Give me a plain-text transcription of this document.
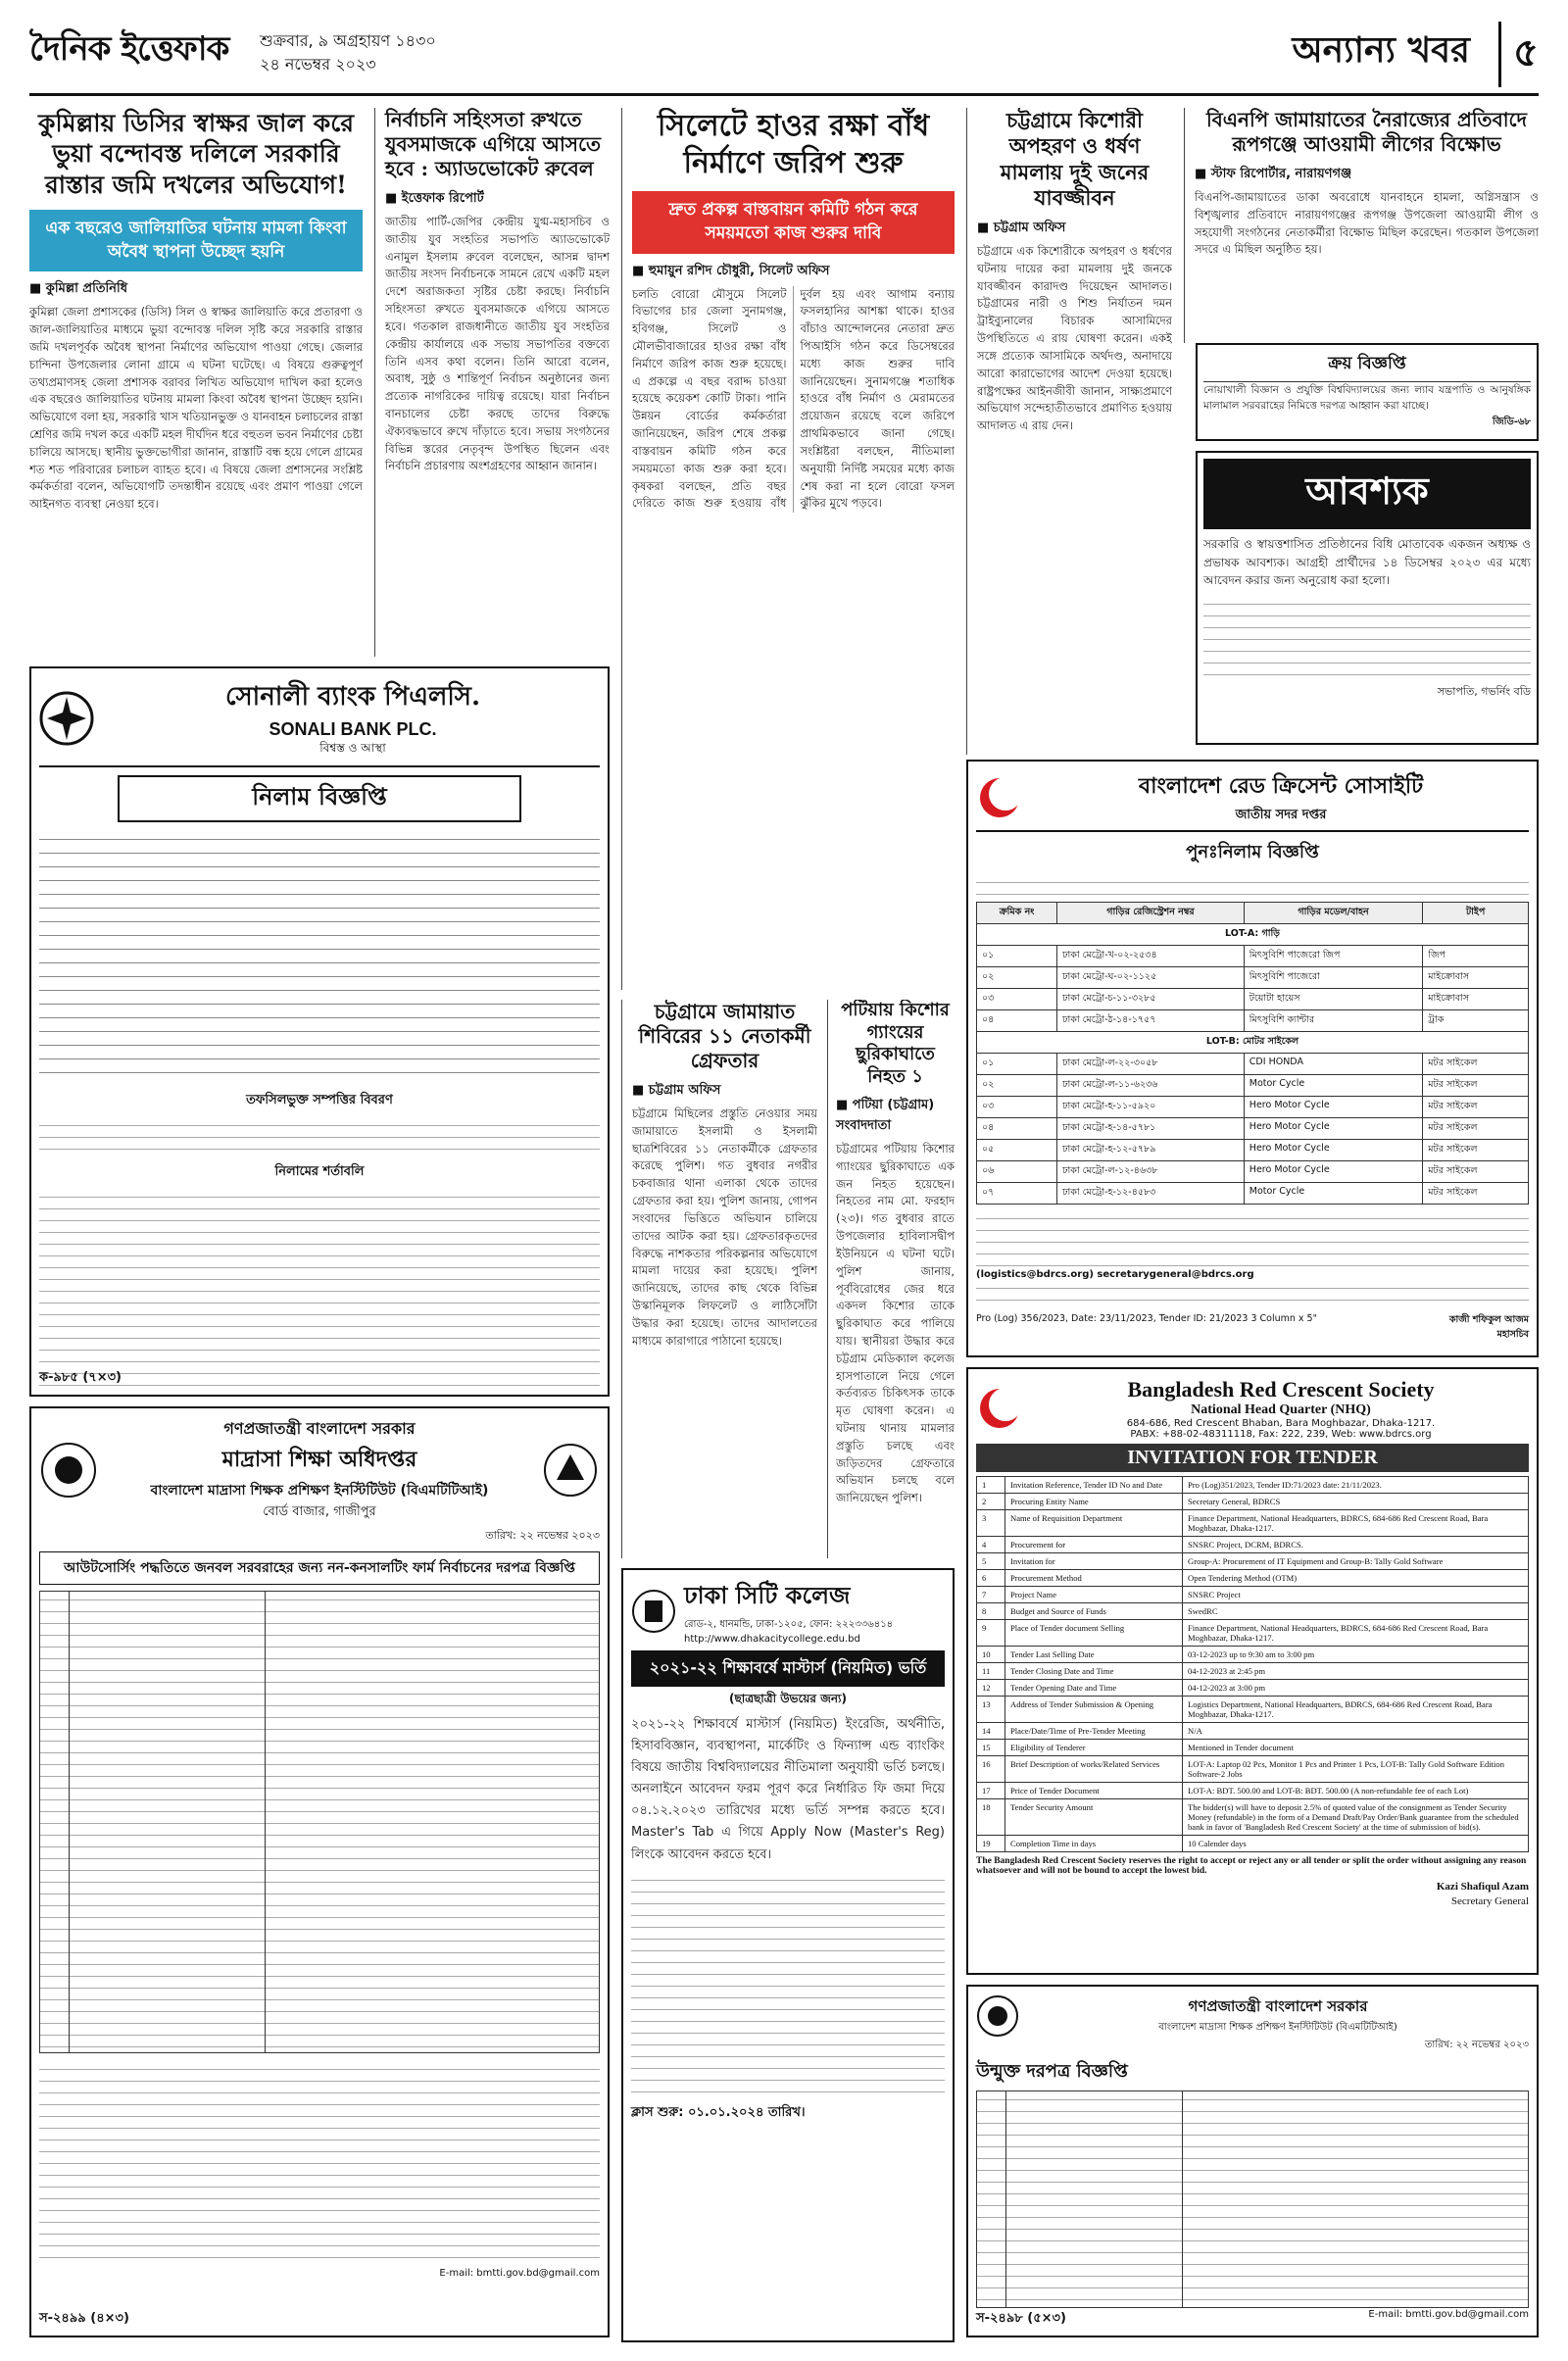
দৈনিক ইত্তেফাক শুক্রবার, ৯ অগ্রহায়ণ ১৪৩০
২৪ নভেম্বর ২০২৩	অন্যান্য খবর	৫
কুমিল্লায় ডিসির স্বাক্ষর জাল করে ভুয়া বন্দোবস্ত দলিলে সরকারি রাস্তার জমি দখলের অভিযোগ!
এক বছরেও জালিয়াতির ঘটনায় মামলা কিংবা অবৈধ স্থাপনা উচ্ছেদ হয়নি
■ কুমিল্লা প্রতিনিধি
কুমিল্লা জেলা প্রশাসকের (ডিসি) সিল ও স্বাক্ষর জালিয়াতি করে প্রতারণা ও জাল-জালিয়াতির মাধ্যমে ভুয়া বন্দোবস্ত দলিল সৃষ্টি করে সরকারি রাস্তার জমি দখলপূর্বক অবৈধ স্থাপনা নির্মাণের অভিযোগ পাওয়া গেছে। জেলার চান্দিনা উপজেলার লোনা গ্রামে এ ঘটনা ঘটেছে। এ বিষয়ে গুরুত্বপূর্ণ তথ্যপ্রমাণসহ জেলা প্রশাসক বরাবর লিখিত অভিযোগ দাখিল করা হলেও এক বছরেও জালিয়াতির ঘটনায় মামলা কিংবা অবৈধ স্থাপনা উচ্ছেদ হয়নি। অভিযোগে বলা হয়, সরকারি খাস খতিয়ানভুক্ত ও যানবাহন চলাচলের রাস্তা শ্রেণির জমি দখল করে একটি মহল দীর্ঘদিন ধরে বহুতল ভবন নির্মাণের চেষ্টা চালিয়ে আসছে। স্থানীয় ভুক্তভোগীরা জানান, রাস্তাটি বন্ধ হয়ে গেলে গ্রামের শত শত পরিবারের চলাচল ব্যাহত হবে। এ বিষয়ে জেলা প্রশাসনের সংশ্লিষ্ট কর্মকর্তারা বলেন, অভিযোগটি তদন্তাধীন রয়েছে এবং প্রমাণ পাওয়া গেলে আইনগত ব্যবস্থা নেওয়া হবে।
নির্বাচনি সহিংসতা রুখতে যুবসমাজকে এগিয়ে আসতে হবে : অ্যাডভোকেট রুবেল
■ ইত্তেফাক রিপোর্ট
জাতীয় পার্টি-জেপির কেন্দ্রীয় যুগ্ম-মহাসচিব ও জাতীয় যুব সংহতির সভাপতি অ্যাডভোকেট এনামুল ইসলাম রুবেল বলেছেন, আসন্ন দ্বাদশ জাতীয় সংসদ নির্বাচনকে সামনে রেখে একটি মহল দেশে অরাজকতা সৃষ্টির চেষ্টা করছে। নির্বাচনি সহিংসতা রুখতে যুবসমাজকে এগিয়ে আসতে হবে। গতকাল রাজধানীতে জাতীয় যুব সংহতির কেন্দ্রীয় কার্যালয়ে এক সভায় সভাপতির বক্তব্যে তিনি এসব কথা বলেন। তিনি আরো বলেন, অবাধ, সুষ্ঠু ও শান্তিপূর্ণ নির্বাচন অনুষ্ঠানের জন্য প্রত্যেক নাগরিকের দায়িত্ব রয়েছে। যারা নির্বাচন বানচালের চেষ্টা করছে তাদের বিরুদ্ধে ঐক্যবদ্ধভাবে রুখে দাঁড়াতে হবে। সভায় সংগঠনের বিভিন্ন স্তরের নেতৃবৃন্দ উপস্থিত ছিলেন এবং নির্বাচনি প্রচারণায় অংশগ্রহণের আহ্বান জানান।
সিলেটে হাওর রক্ষা বাঁধ নির্মাণে জরিপ শুরু
দ্রুত প্রকল্প বাস্তবায়ন কমিটি গঠন করে সময়মতো কাজ শুরুর দাবি
■ হুমায়ুন রশিদ চৌধুরী, সিলেট অফিস
চলতি বোরো মৌসুমে সিলেট বিভাগের চার জেলা সুনামগঞ্জ, হবিগঞ্জ, সিলেট ও মৌলভীবাজারের হাওর রক্ষা বাঁধ নির্মাণে জরিপ কাজ শুরু হয়েছে। এ প্রকল্পে এ বছর বরাদ্দ চাওয়া হয়েছে কয়েকশ কোটি টাকা। পানি উন্নয়ন বোর্ডের কর্মকর্তারা জানিয়েছেন, জরিপ শেষে প্রকল্প বাস্তবায়ন কমিটি গঠন করে সময়মতো কাজ শুরু করা হবে। কৃষকরা বলছেন, প্রতি বছর দেরিতে কাজ শুরু হওয়ায় বাঁধ দুর্বল হয় এবং আগাম বন্যায় ফসলহানির আশঙ্কা থাকে। হাওর বাঁচাও আন্দোলনের নেতারা দ্রুত পিআইসি গঠন করে ডিসেম্বরের মধ্যে কাজ শুরুর দাবি জানিয়েছেন। সুনামগঞ্জে শতাধিক হাওরে বাঁধ নির্মাণ ও মেরামতের প্রয়োজন রয়েছে বলে জরিপে প্রাথমিকভাবে জানা গেছে। সংশ্লিষ্টরা বলছেন, নীতিমালা অনুযায়ী নির্দিষ্ট সময়ের মধ্যে কাজ শেষ করা না হলে বোরো ফসল ঝুঁকির মুখে পড়বে।
চট্টগ্রামে কিশোরী অপহরণ ও ধর্ষণ মামলায় দুই জনের যাবজ্জীবন
■ চট্টগ্রাম অফিস
চট্টগ্রামে এক কিশোরীকে অপহরণ ও ধর্ষণের ঘটনায় দায়ের করা মামলায় দুই জনকে যাবজ্জীবন কারাদণ্ড দিয়েছেন আদালত। চট্টগ্রামের নারী ও শিশু নির্যাতন দমন ট্রাইব্যুনালের বিচারক আসামিদের উপস্থিতিতে এ রায় ঘোষণা করেন। একই সঙ্গে প্রত্যেক আসামিকে অর্থদণ্ড, অনাদায়ে আরো কারাভোগের আদেশ দেওয়া হয়েছে। রাষ্ট্রপক্ষের আইনজীবী জানান, সাক্ষ্যপ্রমাণে অভিযোগ সন্দেহাতীতভাবে প্রমাণিত হওয়ায় আদালত এ রায় দেন।
বিএনপি জামায়াতের নৈরাজ্যের প্রতিবাদে রূপগঞ্জে আওয়ামী লীগের বিক্ষোভ
■ স্টাফ রিপোর্টার, নারায়ণগঞ্জ
বিএনপি-জামায়াতের ডাকা অবরোধে যানবাহনে হামলা, অগ্নিসন্ত্রাস ও বিশৃঙ্খলার প্রতিবাদে নারায়ণগঞ্জের রূপগঞ্জ উপজেলা আওয়ামী লীগ ও সহযোগী সংগঠনের নেতাকর্মীরা বিক্ষোভ মিছিল করেছেন। গতকাল উপজেলা সদরে এ মিছিল অনুষ্ঠিত হয়।
ক্রয় বিজ্ঞপ্তি
নোয়াখালী বিজ্ঞান ও প্রযুক্তি বিশ্ববিদ্যালয়ের জন্য ল্যাব যন্ত্রপাতি ও আনুষঙ্গিক মালামাল সরবরাহের নিমিত্তে দরপত্র আহ্বান করা যাচ্ছে।
জিডি-৬৮
আবশ্যক
সরকারি ও স্বায়ত্তশাসিত প্রতিষ্ঠানের বিধি মোতাবেক একজন অধ্যক্ষ ও প্রভাষক আবশ্যক। আগ্রহী প্রার্থীদের ১৪ ডিসেম্বর ২০২৩ এর মধ্যে আবেদন করার জন্য অনুরোধ করা হলো।
সভাপতি, গভর্নিং বডি
সোনালী ব্যাংক পিএলসি.
SONALI BANK PLC.
বিশ্বস্ত ও আস্থা
নিলাম বিজ্ঞপ্তি
তফসিলভুক্ত সম্পত্তির বিবরণ
নিলামের শর্তাবলি
ক-৯৮৫ (৭×৩)
গণপ্রজাতন্ত্রী বাংলাদেশ সরকার
মাদ্রাসা শিক্ষা অধিদপ্তর
বাংলাদেশ মাদ্রাসা শিক্ষক প্রশিক্ষণ ইনস্টিটিউট (বিএমটিটিআই)
বোর্ড বাজার, গাজীপুর
তারিখ: ২২ নভেম্বর ২০২৩
আউটসোর্সিং পদ্ধতিতে জনবল সরবরাহের জন্য নন-কনসালটিং ফার্ম নির্বাচনের দরপত্র বিজ্ঞপ্তি
E-mail: bmtti.gov.bd@gmail.com
স-২৪৯৯ (৪×৩)
চট্টগ্রামে জামায়াত শিবিরের ১১ নেতাকর্মী গ্রেফতার
■ চট্টগ্রাম অফিস
চট্টগ্রামে মিছিলের প্রস্তুতি নেওয়ার সময় জামায়াতে ইসলামী ও ইসলামী ছাত্রশিবিরের ১১ নেতাকর্মীকে গ্রেফতার করেছে পুলিশ। গত বুধবার নগরীর চকবাজার থানা এলাকা থেকে তাদের গ্রেফতার করা হয়। পুলিশ জানায়, গোপন সংবাদের ভিত্তিতে অভিযান চালিয়ে তাদের আটক করা হয়। গ্রেফতারকৃতদের বিরুদ্ধে নাশকতার পরিকল্পনার অভিযোগে মামলা দায়ের করা হয়েছে। পুলিশ জানিয়েছে, তাদের কাছ থেকে বিভিন্ন উস্কানিমূলক লিফলেট ও লাঠিসোঁটা উদ্ধার করা হয়েছে। তাদের আদালতের মাধ্যমে কারাগারে পাঠানো হয়েছে।
পটিয়ায় কিশোর গ্যাংয়ের ছুরিকাঘাতে নিহত ১
■ পটিয়া (চট্টগ্রাম) সংবাদদাতা
চট্টগ্রামের পটিয়ায় কিশোর গ্যাংয়ের ছুরিকাঘাতে এক জন নিহত হয়েছেন। নিহতের নাম মো. ফরহাদ (২৩)। গত বুধবার রাতে উপজেলার হাবিলাসদ্বীপ ইউনিয়নে এ ঘটনা ঘটে। পুলিশ জানায়, পূর্ববিরোধের জের ধরে একদল কিশোর তাকে ছুরিকাঘাত করে পালিয়ে যায়। স্থানীয়রা উদ্ধার করে চট্টগ্রাম মেডিক্যাল কলেজ হাসপাতালে নিয়ে গেলে কর্তব্যরত চিকিৎসক তাকে মৃত ঘোষণা করেন। এ ঘটনায় থানায় মামলার প্রস্তুতি চলছে এবং জড়িতদের গ্রেফতারে অভিযান চলছে বলে জানিয়েছেন পুলিশ।
ঢাকা সিটি কলেজ
রোড-২, ধানমন্ডি, ঢাকা-১২০৫, ফোন: ২২২৩৩৬৪১৪
http://www.dhakacitycollege.edu.bd
২০২১-২২ শিক্ষাবর্ষে মাস্টার্স (নিয়মিত) ভর্তি
(ছাত্রছাত্রী উভয়ের জন্য)
২০২১-২২ শিক্ষাবর্ষে মাস্টার্স (নিয়মিত) ইংরেজি, অর্থনীতি, হিসাববিজ্ঞান, ব্যবস্থাপনা, মার্কেটিং ও ফিন্যান্স এন্ড ব্যাংকিং বিষয়ে জাতীয় বিশ্ববিদ্যালয়ের নীতিমালা অনুযায়ী ভর্তি চলছে। অনলাইনে আবেদন ফরম পূরণ করে নির্ধারিত ফি জমা দিয়ে ০৪.১২.২০২৩ তারিখের মধ্যে ভর্তি সম্পন্ন করতে হবে। Master's Tab এ গিয়ে Apply Now (Master's Reg) লিংকে আবেদন করতে হবে।
ক্লাস শুরু: ০১.০১.২০২৪ তারিখ।
বাংলাদেশ রেড ক্রিসেন্ট সোসাইটি
জাতীয় সদর দপ্তর
পুনঃনিলাম বিজ্ঞপ্তি
ক্রমিক নং	গাড়ির রেজিস্ট্রেশন নম্বর	গাড়ির মডেল/বাহন	টাইপ
LOT-A: গাড়ি			
০১	ঢাকা মেট্রো-খ-০২-২৫৩৪	মিৎসুবিশি পাজেরো জিপ	জিপ
০২	ঢাকা মেট্রো-ঘ-০২-১১২৫	মিৎসুবিশি পাজেরো	মাইক্রোবাস
০৩	ঢাকা মেট্রো-চ-১১-৩২৮৫	টয়োটা হায়েস	মাইক্রোবাস
০৪	ঢাকা মেট্রো-ঠ-১৪-১৭৫৭	মিৎসুবিশি ক্যান্টার	ট্রাক
LOT-B: মোটর সাইকেল			
০১	ঢাকা মেট্রো-ল-২২-৩০৫৮	CDI HONDA	মটর সাইকেল
০২	ঢাকা মেট্রো-ল-১১-৬২৩৬	Motor Cycle	মটর সাইকেল
০৩	ঢাকা মেট্রো-হ-১১-৫৯২০	Hero Motor Cycle	মটর সাইকেল
০৪	ঢাকা মেট্রো-হ-১৪-৫৭৮১	Hero Motor Cycle	মটর সাইকেল
০৫	ঢাকা মেট্রো-হ-১২-৫৭৮৯	Hero Motor Cycle	মটর সাইকেল
০৬	ঢাকা মেট্রো-ল-১২-৪৬৩৮	Hero Motor Cycle	মটর সাইকেল
০৭	ঢাকা মেট্রো-হ-১২-৪৫৮৩	Motor Cycle	মটর সাইকেল
(logistics@bdrcs.org) secretarygeneral@bdrcs.org
Pro (Log) 356/2023, Date: 23/11/2023, Tender ID: 21/2023 3 Column x 5"	কাজী শফিকুল আজম
মহাসচিব
Bangladesh Red Crescent Society
National Head Quarter (NHQ)
684-686, Red Crescent Bhaban, Bara Moghbazar, Dhaka-1217.
PABX: +88-02-48311118, Fax: 222, 239, Web: www.bdrcs.org
INVITATION FOR TENDER
1	Invitation Reference, Tender ID No and Date	Pro (Log)351/2023, Tender ID:71/2023 date: 21/11/2023.
2	Procuring Entity Name	Secretary General, BDRCS
3	Name of Requisition Department	Finance Department, National Headquarters, BDRCS, 684-686 Red Crescent Road, Bara Moghbazar, Dhaka-1217.
4	Procurement for	SNSRC Project, DCRM, BDRCS.
5	Invitation for	Group-A: Procurement of IT Equipment and Group-B: Tally Gold Software
6	Procurement Method	Open Tendering Method (OTM)
7	Project Name	SNSRC Project
8	Budget and Source of Funds	SwedRC
9	Place of Tender document Selling	Finance Department, National Headquarters, BDRCS, 684-686 Red Crescent Road, Bara Moghbazar, Dhaka-1217.
10	Tender Last Selling Date	03-12-2023 up to 9:30 am to 3:00 pm
11	Tender Closing Date and Time	04-12-2023 at 2:45 pm
12	Tender Opening Date and Time	04-12-2023 at 3:00 pm
13	Address of Tender Submission & Opening	Logistics Department, National Headquarters, BDRCS, 684-686 Red Crescent Road, Bara Moghbazar, Dhaka-1217.
14	Place/Date/Time of Pre-Tender Meeting	N/A
15	Eligibility of Tenderer	Mentioned in Tender document
16	Brief Description of works/Related Services	LOT-A: Laptop 02 Pcs, Monitor 1 Pcs and Printer 1 Pcs, LOT-B: Tally Gold Software Edition Software-2 Jobs
17	Price of Tender Document	LOT-A: BDT. 500.00 and LOT-B: BDT. 500.00 (A non-refundable fee of each Lot)
18	Tender Security Amount	The bidder(s) will have to deposit 2.5% of quoted value of the consignment as Tender Security Money (refundable) in the form of a Demand Draft/Pay Order/Bank guarantee from the scheduled bank in favor of 'Bangladesh Red Crescent Society' at the time of submission of bid(s).
19	Completion Time in days	10 Calender days
The Bangladesh Red Crescent Society reserves the right to accept or reject any or all tender or split the order without assigning any reason whatsoever and will not be bound to accept the lowest bid.
Kazi Shafiqul Azam
Secretary General
গণপ্রজাতন্ত্রী বাংলাদেশ সরকার
বাংলাদেশ মাদ্রাসা শিক্ষক প্রশিক্ষণ ইনস্টিটিউট (বিএমটিটিআই)
তারিখ: ২২ নভেম্বর ২০২৩
উন্মুক্ত দরপত্র বিজ্ঞপ্তি
E-mail: bmtti.gov.bd@gmail.com
স-২৪৯৮ (৫×৩)
